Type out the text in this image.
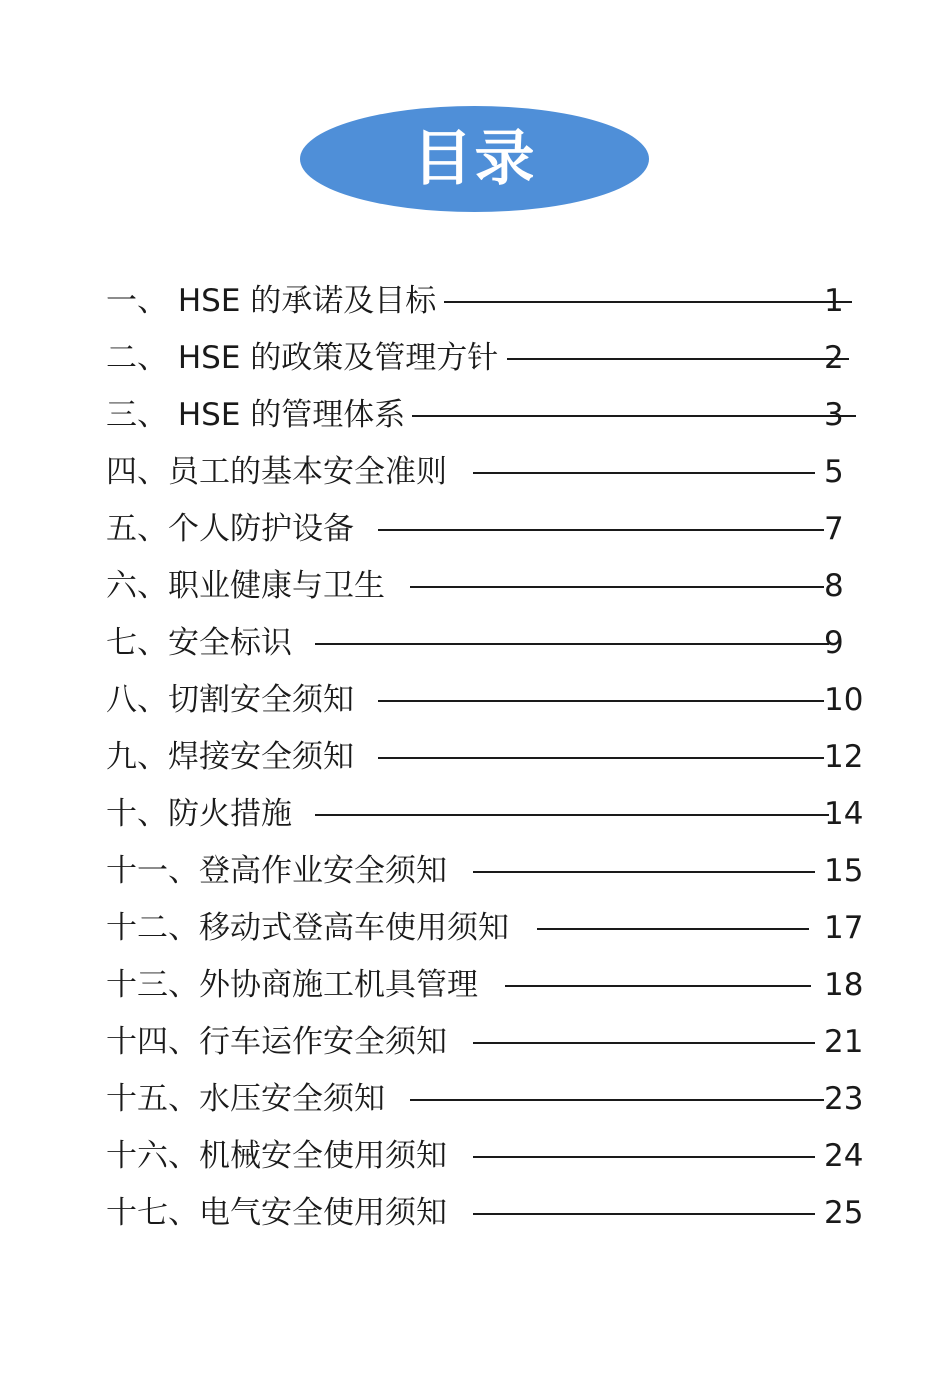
目录
一、 HSE 的承诺及目标	1
二、 HSE 的政策及管理方针	2
三、 HSE 的管理体系	3
四、员工的基本安全准则	5
五、个人防护设备	7
六、职业健康与卫生	8
七、安全标识	9
八、切割安全须知	10
九、焊接安全须知	12
十、防火措施	14
十一、登高作业安全须知	15
十二、移动式登高车使用须知	17
十三、外协商施工机具管理	18
十四、行车运作安全须知	21
十五、水压安全须知	23
十六、机械安全使用须知	24
十七、电气安全使用须知	25
